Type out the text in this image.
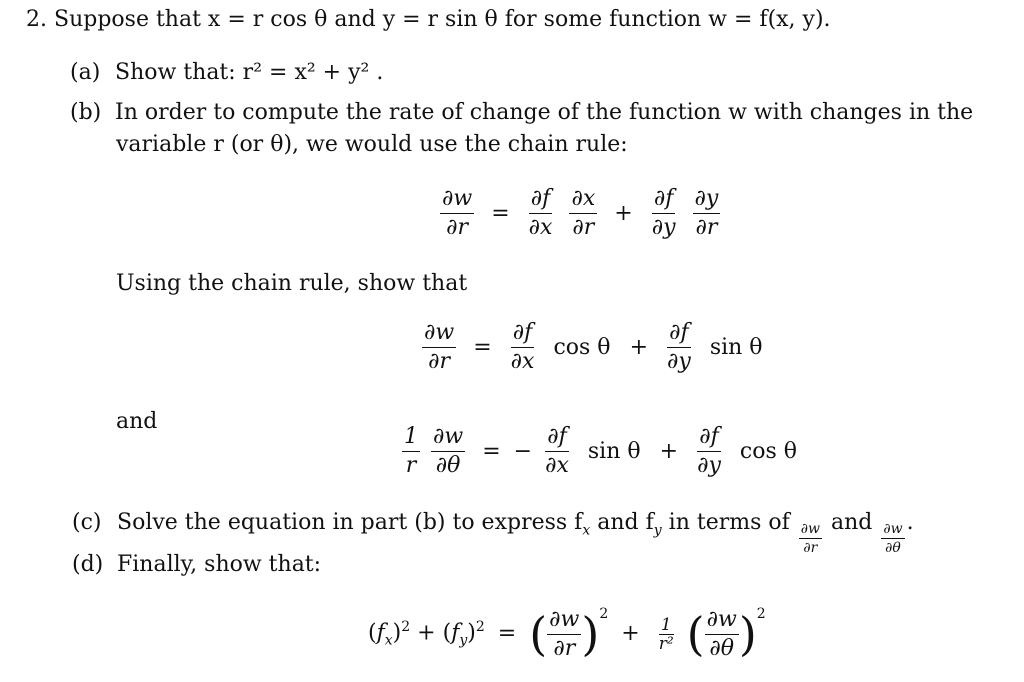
2. Suppose that x = r cos θ and y = r sin θ for some function w = f(x, y).
(a) Show that: r² = x² + y² .
(b) In order to compute the rate of change of the function w with changes in the
variable r (or θ), we would use the chain rule:
$\frac{\partial w}{\partial r} = \frac{\partial f}{\partial x}$
$\frac{\partial x}{\partial r} + \frac{\partial f}{\partial y}$
$\frac{\partial y}{\partial r}$
Using the chain rule, show that
$\frac{\partial w}{\partial r} = \frac{\partial f}{\partial x}$ $\cos \theta + \frac{\partial f}{\partial y}$ sin θ
and
$\frac{1}{r}$
$\frac{\partial w}{\partial\theta}$ = − $\frac{\partial f}{\partial x}$ $\sin \theta + \frac{\partial f}{\partial y}$ cos θ
(c) Solve the equation in part (b) to express $f_x$ and $f_y$ in terms of $\frac{\partial w}{\partial r}$ and $\frac{\partial w}{\partial\theta}$ .
(d) Finally, show that:
$(f_x)^2 + (f_y)^2$ = ( $\frac{\partial w}{\partial r} )^2 + \frac{1}{\text{r²}}$ ( $\frac{\partial w}{\partial\theta} )^2$
